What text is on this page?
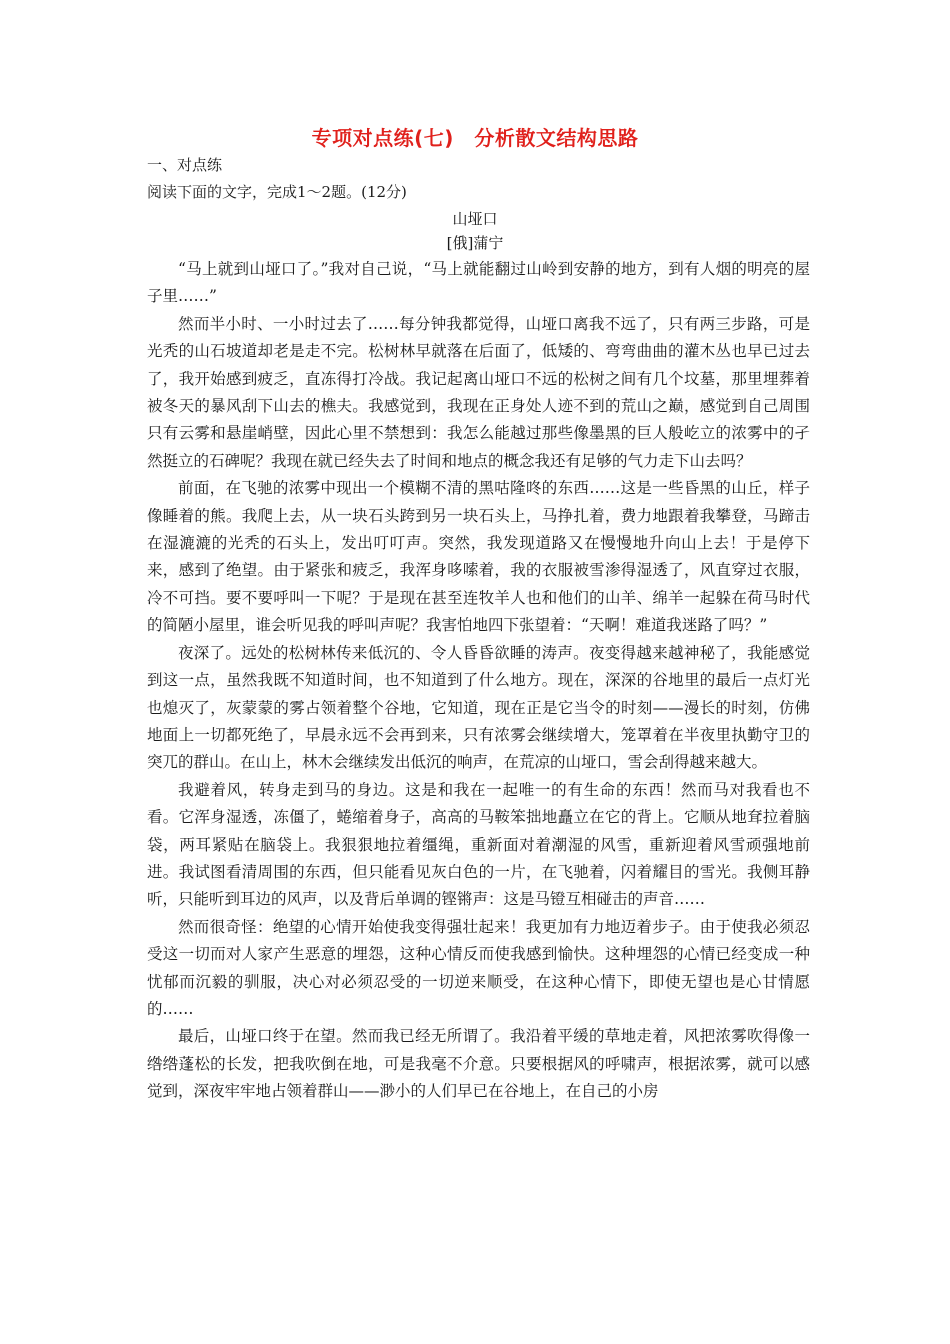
专项对点练(七)　分析散文结构思路
一、对点练
阅读下面的文字，完成1～2题。(12分)
山垭口
[俄]蒲宁

“马上就到山垭口了。”我对自己说，“马上就能翻过山岭到安静的地方，到有人烟的明亮的屋子里……”

然而半小时、一小时过去了……每分钟我都觉得，山垭口离我不远了，只有两三步路，可是光秃的山石坡道却老是走不完。松树林早就落在后面了，低矮的、弯弯曲曲的灌木丛也早已过去了，我开始感到疲乏，直冻得打冷战。我记起离山垭口不远的松树之间有几个坟墓，那里埋葬着被冬天的暴风刮下山去的樵夫。我感觉到，我现在正身处人迹不到的荒山之巅，感觉到自己周围只有云雾和悬崖峭壁，因此心里不禁想到：我怎么能越过那些像墨黑的巨人般屹立的浓雾中的孑然挺立的石碑呢？我现在就已经失去了时间和地点的概念我还有足够的气力走下山去吗？

前面，在飞驰的浓雾中现出一个模糊不清的黑咕隆咚的东西……这是一些昏黑的山丘，样子像睡着的熊。我爬上去，从一块石头跨到另一块石头上，马挣扎着，费力地跟着我攀登，马蹄击在湿漉漉的光秃的石头上，发出叮叮声。突然，我发现道路又在慢慢地升向山上去！于是停下来，感到了绝望。由于紧张和疲乏，我浑身哆嗦着，我的衣服被雪渗得湿透了，风直穿过衣服，冷不可挡。要不要呼叫一下呢？于是现在甚至连牧羊人也和他们的山羊、绵羊一起躲在荷马时代的简陋小屋里，谁会听见我的呼叫声呢？我害怕地四下张望着：“天啊！难道我迷路了吗？”

夜深了。远处的松树林传来低沉的、令人昏昏欲睡的涛声。夜变得越来越神秘了，我能感觉到这一点，虽然我既不知道时间，也不知道到了什么地方。现在，深深的谷地里的最后一点灯光也熄灭了，灰蒙蒙的雾占领着整个谷地，它知道，现在正是它当令的时刻——漫长的时刻，仿佛地面上一切都死绝了，早晨永远不会再到来，只有浓雾会继续增大，笼罩着在半夜里执勤守卫的突兀的群山。在山上，林木会继续发出低沉的响声，在荒凉的山垭口，雪会刮得越来越大。

我避着风，转身走到马的身边。这是和我在一起唯一的有生命的东西！然而马对我看也不看。它浑身湿透，冻僵了，蜷缩着身子，高高的马鞍笨拙地矗立在它的背上。它顺从地耷拉着脑袋，两耳紧贴在脑袋上。我狠狠地拉着缰绳，重新面对着潮湿的风雪，重新迎着风雪顽强地前进。我试图看清周围的东西，但只能看见灰白色的一片，在飞驰着，闪着耀目的雪光。我侧耳静听，只能听到耳边的风声，以及背后单调的铿锵声：这是马镫互相碰击的声音……

然而很奇怪：绝望的心情开始使我变得强壮起来！我更加有力地迈着步子。由于使我必须忍受这一切而对人家产生恶意的埋怨，这种心情反而使我感到愉快。这种埋怨的心情已经变成一种忧郁而沉毅的驯服，决心对必须忍受的一切逆来顺受，在这种心情下，即使无望也是心甘情愿的……

最后，山垭口终于在望。然而我已经无所谓了。我沿着平缓的草地走着，风把浓雾吹得像一绺绺蓬松的长发，把我吹倒在地，可是我毫不介意。只要根据风的呼啸声，根据浓雾，就可以感觉到，深夜牢牢地占领着群山——渺小的人们早已在谷地上，在自己的小房
